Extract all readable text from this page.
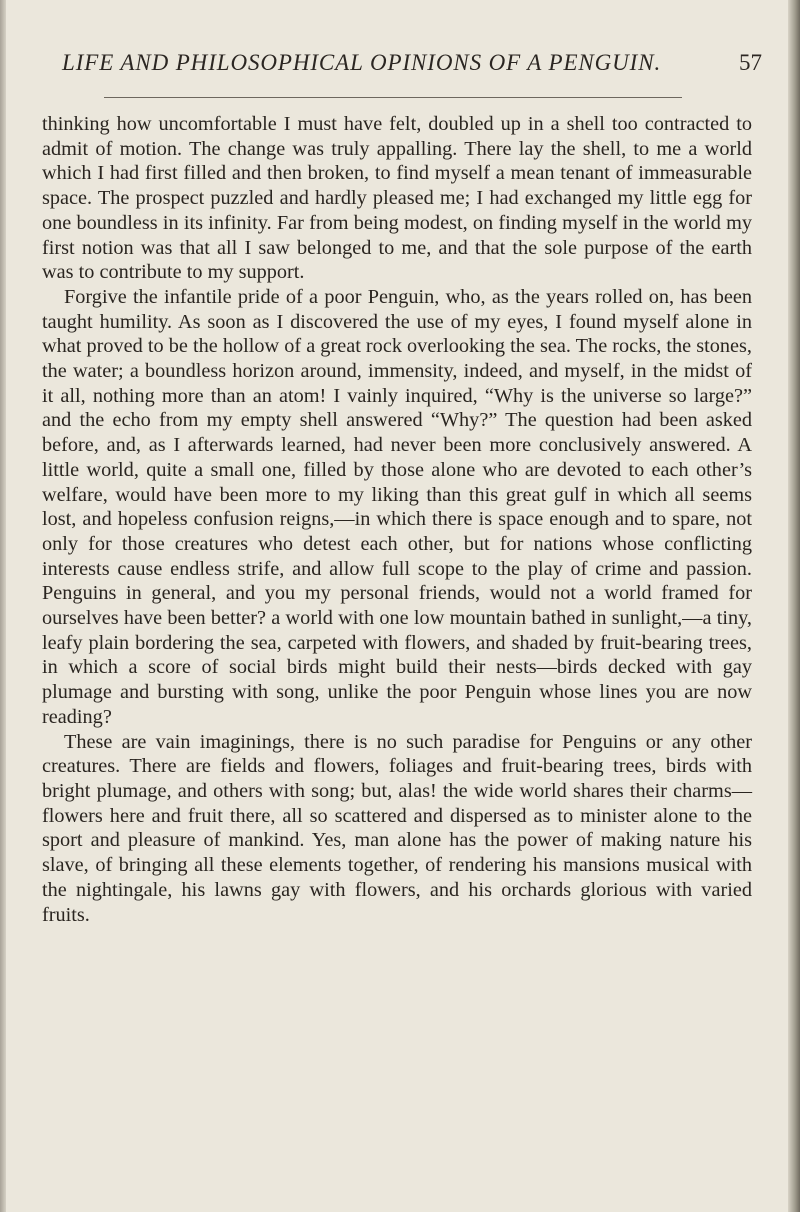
LIFE AND PHILOSOPHICAL OPINIONS OF A PENGUIN.	57

thinking how uncomfortable I must have felt, doubled up in a shell too contracted to admit of motion. The change was truly appalling. There lay the shell, to me a world which I had first filled and then broken, to find myself a mean tenant of immeasurable space. The prospect puzzled and hardly pleased me; I had exchanged my little egg for one boundless in its infinity. Far from being modest, on finding myself in the world my first notion was that all I saw belonged to me, and that the sole purpose of the earth was to contribute to my support.

Forgive the infantile pride of a poor Penguin, who, as the years rolled on, has been taught humility. As soon as I discovered the use of my eyes, I found myself alone in what proved to be the hollow of a great rock overlooking the sea. The rocks, the stones, the water; a boundless horizon around, immensity, indeed, and myself, in the midst of it all, nothing more than an atom! I vainly inquired, “Why is the universe so large?” and the echo from my empty shell answered “Why?” The question had been asked before, and, as I afterwards learned, had never been more conclusively answered. A little world, quite a small one, filled by those alone who are devoted to each other’s welfare, would have been more to my liking than this great gulf in which all seems lost, and hopeless confusion reigns,—in which there is space enough and to spare, not only for those creatures who detest each other, but for nations whose conflicting interests cause endless strife, and allow full scope to the play of crime and passion. Penguins in general, and you my personal friends, would not a world framed for ourselves have been better? a world with one low mountain bathed in sunlight,—a tiny, leafy plain bordering the sea, carpeted with flowers, and shaded by fruit-bearing trees, in which a score of social birds might build their nests—birds decked with gay plumage and bursting with song, unlike the poor Penguin whose lines you are now reading?

These are vain imaginings, there is no such paradise for Penguins or any other creatures. There are fields and flowers, foliages and fruit-bearing trees, birds with bright plumage, and others with song; but, alas! the wide world shares their charms—flowers here and fruit there, all so scattered and dispersed as to minister alone to the sport and pleasure of mankind. Yes, man alone has the power of making nature his slave, of bringing all these elements together, of rendering his mansions musical with the nightingale, his lawns gay with flowers, and his orchards glorious with varied fruits.
